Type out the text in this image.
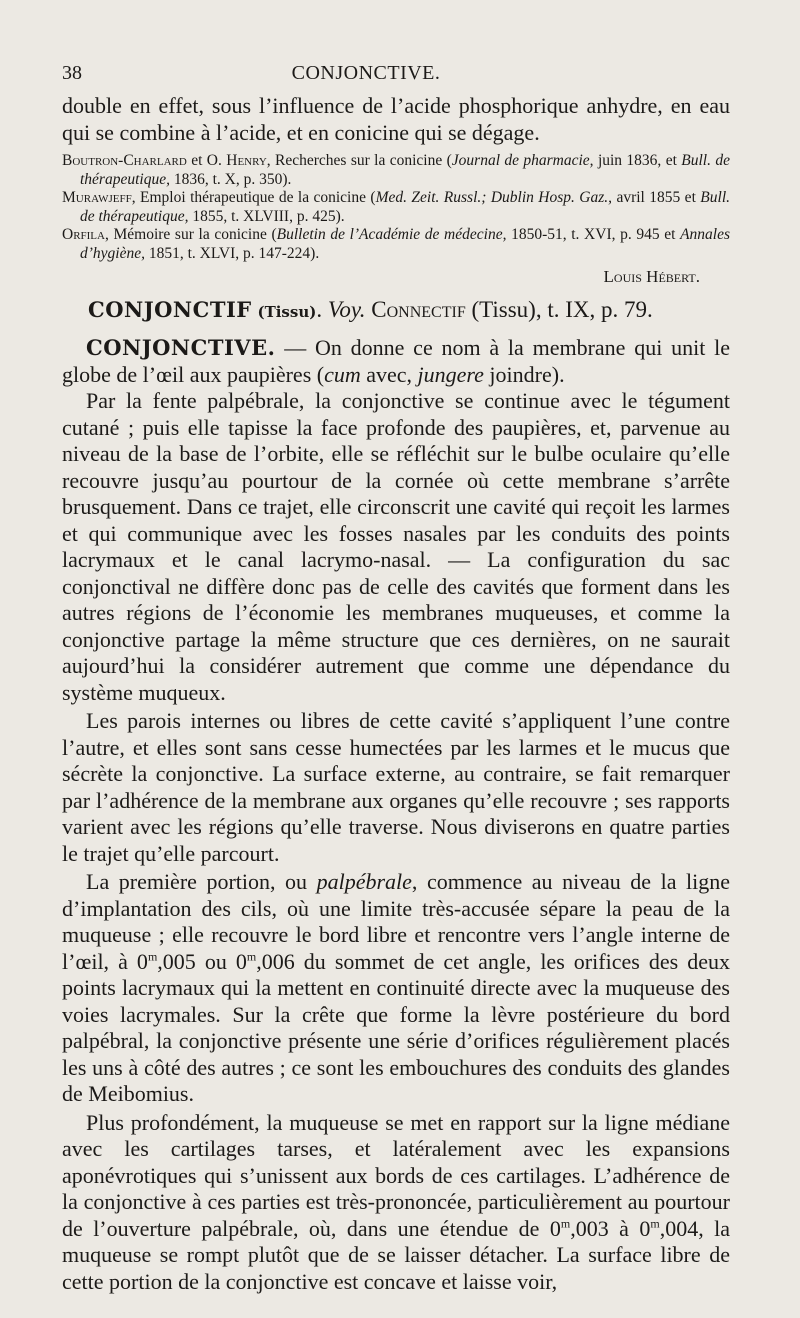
38	CONJONCTIVE.

double en effet, sous l’influence de l’acide phosphorique anhydre, en eau qui se combine à l’acide, et en conicine qui se dégage.

Boutron-Charlard et O. Henry, Recherches sur la conicine (Journal de pharmacie, juin 1836, et Bull. de thérapeutique, 1836, t. X, p. 350).

Murawjeff, Emploi thérapeutique de la conicine (Med. Zeit. Russl.; Dublin Hosp. Gaz., avril 1855 et Bull. de thérapeutique, 1855, t. XLVIII, p. 425).

Orfila, Mémoire sur la conicine (Bulletin de l’Académie de médecine, 1850-51, t. XVI, p. 945 et Annales d’hygiène, 1851, t. XLVI, p. 147-224).

Louis Hébert.

CONJONCTIF (Tissu). Voy. Connectif (Tissu), t. IX, p. 79.

CONJONCTIVE. — On donne ce nom à la membrane qui unit le globe de l’œil aux paupières (cum avec, jungere joindre).

Par la fente palpébrale, la conjonctive se continue avec le tégument cutané ; puis elle tapisse la face profonde des paupières, et, parvenue au niveau de la base de l’orbite, elle se réfléchit sur le bulbe oculaire qu’elle recouvre jusqu’au pourtour de la cornée où cette membrane s’arrête brusquement. Dans ce trajet, elle circonscrit une cavité qui reçoit les larmes et qui communique avec les fosses nasales par les conduits des points lacrymaux et le canal lacrymo-nasal. — La configuration du sac conjonctival ne diffère donc pas de celle des cavités que forment dans les autres régions de l’économie les membranes muqueuses, et comme la conjonctive partage la même structure que ces dernières, on ne saurait aujourd’hui la considérer autrement que comme une dépendance du système muqueux.

Les parois internes ou libres de cette cavité s’appliquent l’une contre l’autre, et elles sont sans cesse humectées par les larmes et le mucus que sécrète la conjonctive. La surface externe, au contraire, se fait remarquer par l’adhérence de la membrane aux organes qu’elle recouvre ; ses rapports varient avec les régions qu’elle traverse. Nous diviserons en quatre parties le trajet qu’elle parcourt.

La première portion, ou palpébrale, commence au niveau de la ligne d’implantation des cils, où une limite très-accusée sépare la peau de la muqueuse ; elle recouvre le bord libre et rencontre vers l’angle interne de l’œil, à 0$^m$,005 ou 0$^m$,006 du sommet de cet angle, les orifices des deux points lacrymaux qui la mettent en continuité directe avec la muqueuse des voies lacrymales. Sur la crête que forme la lèvre postérieure du bord palpébral, la conjonctive présente une série d’orifices régulièrement placés les uns à côté des autres ; ce sont les embouchures des conduits des glandes de Meibomius.

Plus profondément, la muqueuse se met en rapport sur la ligne médiane avec les cartilages tarses, et latéralement avec les expansions aponévrotiques qui s’unissent aux bords de ces cartilages. L’adhérence de la conjonctive à ces parties est très-prononcée, particulièrement au pourtour de l’ouverture palpébrale, où, dans une étendue de 0$^m$,003 à 0$^m$,004, la muqueuse se rompt plutôt que de se laisser détacher. La surface libre de cette portion de la conjonctive est concave et laisse voir,
